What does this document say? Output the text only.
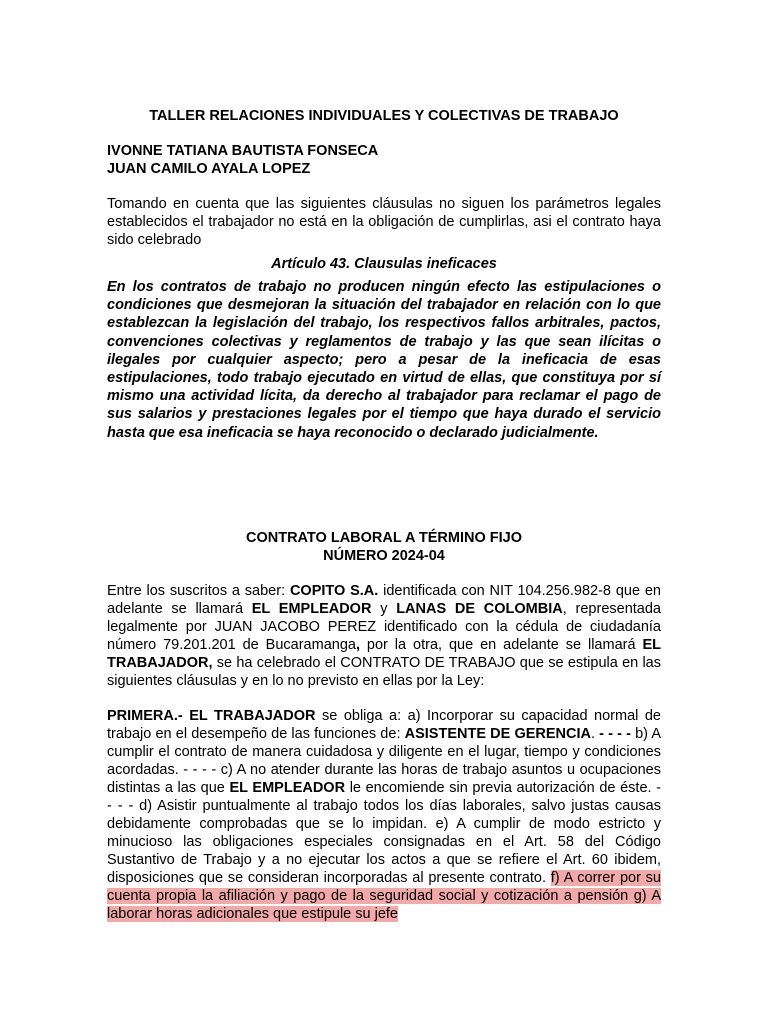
TALLER RELACIONES INDIVIDUALES Y COLECTIVAS DE TRABAJO
IVONNE TATIANA BAUTISTA FONSECA
JUAN CAMILO AYALA LOPEZ

Tomando en cuenta que las siguientes cláusulas no siguen los parámetros legales establecidos el trabajador no está en la obligación de cumplirlas, asi el contrato haya sido celebrado

Artículo 43. Clausulas ineficaces

En los contratos de trabajo no producen ningún efecto las estipulaciones o condiciones que desmejoran la situación del trabajador en relación con lo que establezcan la legislación del trabajo, los respectivos fallos arbitrales, pactos, convenciones colectivas y reglamentos de trabajo y las que sean ilícitas o ilegales por cualquier aspecto; pero a pesar de la ineficacia de esas estipulaciones, todo trabajo ejecutado en virtud de ellas, que constituya por sí mismo una actividad lícita, da derecho al trabajador para reclamar el pago de sus salarios y prestaciones legales por el tiempo que haya durado el servicio hasta que esa ineficacia se haya reconocido o declarado judicialmente.

CONTRATO LABORAL A TÉRMINO FIJO
NÚMERO 2024-04

Entre los suscritos a saber: COPITO S.A. identificada con NIT 104.256.982-8 que en adelante se llamará EL EMPLEADOR y LANAS DE COLOMBIA, representada legalmente por JUAN JACOBO PEREZ identificado con la cédula de ciudadanía número 79.201.201 de Bucaramanga, por la otra, que en adelante se llamará EL TRABAJADOR, se ha celebrado el CONTRATO DE TRABAJO que se estipula en las siguientes cláusulas y en lo no previsto en ellas por la Ley:

PRIMERA.- EL TRABAJADOR se obliga a: a) Incorporar su capacidad normal de trabajo en el desempeño de las funciones de: ASISTENTE DE GERENCIA. - - - - b) A cumplir el contrato de manera cuidadosa y diligente en el lugar, tiempo y condiciones acordadas. - - - - c) A no atender durante las horas de trabajo asuntos u ocupaciones distintas a las que EL EMPLEADOR le encomiende sin previa autorización de éste. - - - - d) Asistir puntualmente al trabajo todos los días laborales, salvo justas causas debidamente comprobadas que se lo impidan. e) A cumplir de modo estricto y minucioso las obligaciones especiales consignadas en el Art. 58 del Código Sustantivo de Trabajo y a no ejecutar los actos a que se refiere el Art. 60 ibidem, disposiciones que se consideran incorporadas al presente contrato. f) A correr por su cuenta propia la afiliación y pago de la seguridad social y cotización a pensión g) A laborar horas adicionales que estipule su jefe
